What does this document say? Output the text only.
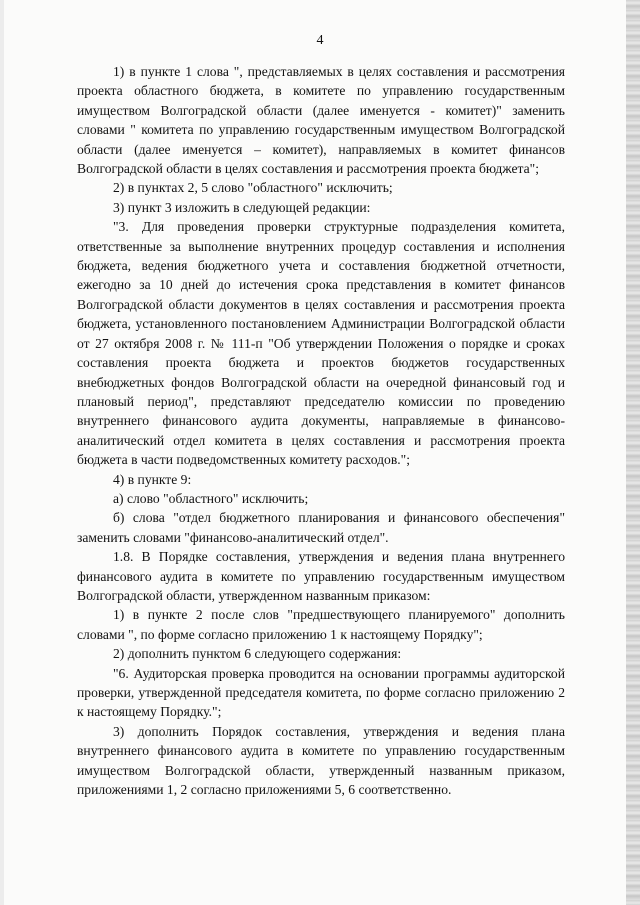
4

1) в пункте 1 слова ", представляемых в целях составления и рассмотрения проекта областного бюджета, в комитете по управлению государственным имуществом Волгоградской области (далее именуется - комитет)" заменить словами " комитета по управлению государственным имуществом Волгоградской области (далее именуется – комитет), направляемых в комитет финансов Волгоградской области в целях составления и рассмотрения проекта бюджета";

2) в пунктах 2, 5 слово "областного" исключить;

3) пункт 3 изложить в следующей редакции:

"3. Для проведения проверки структурные подразделения комитета, ответственные за выполнение внутренних процедур составления и исполнения бюджета, ведения бюджетного учета и составления бюджетной отчетности, ежегодно за 10 дней до истечения срока представления в комитет финансов Волгоградской области документов в целях составления и рассмотрения проекта бюджета, установленного постановлением Администрации Волгоградской области от 27 октября 2008 г. № 111-п "Об утверждении Положения о порядке и сроках составления проекта бюджета и проектов бюджетов государственных внебюджетных фондов Волгоградской области на очередной финансовый год и плановый период", представляют председателю комиссии по проведению внутреннего финансового аудита документы, направляемые в финансово-аналитический отдел комитета в целях составления и рассмотрения проекта бюджета в части подведомственных комитету расходов.";

4) в пункте 9:

а) слово "областного" исключить;

б) слова "отдел бюджетного планирования и финансового обеспечения" заменить словами "финансово-аналитический отдел".

1.8. В Порядке составления, утверждения и ведения плана внутреннего финансового аудита в комитете по управлению государственным имуществом Волгоградской области, утвержденном названным приказом:

1) в пункте 2 после слов "предшествующего планируемого" дополнить словами ", по форме согласно приложению 1 к настоящему Порядку";

2) дополнить пунктом 6 следующего содержания:

"6. Аудиторская проверка проводится на основании программы аудиторской проверки, утвержденной председателя комитета, по форме согласно приложению 2 к настоящему Порядку.";

3) дополнить Порядок составления, утверждения и ведения плана внутреннего финансового аудита в комитете по управлению государственным имуществом Волгоградской области, утвержденный названным приказом, приложениями 1, 2 согласно приложениями 5, 6 соответственно.
